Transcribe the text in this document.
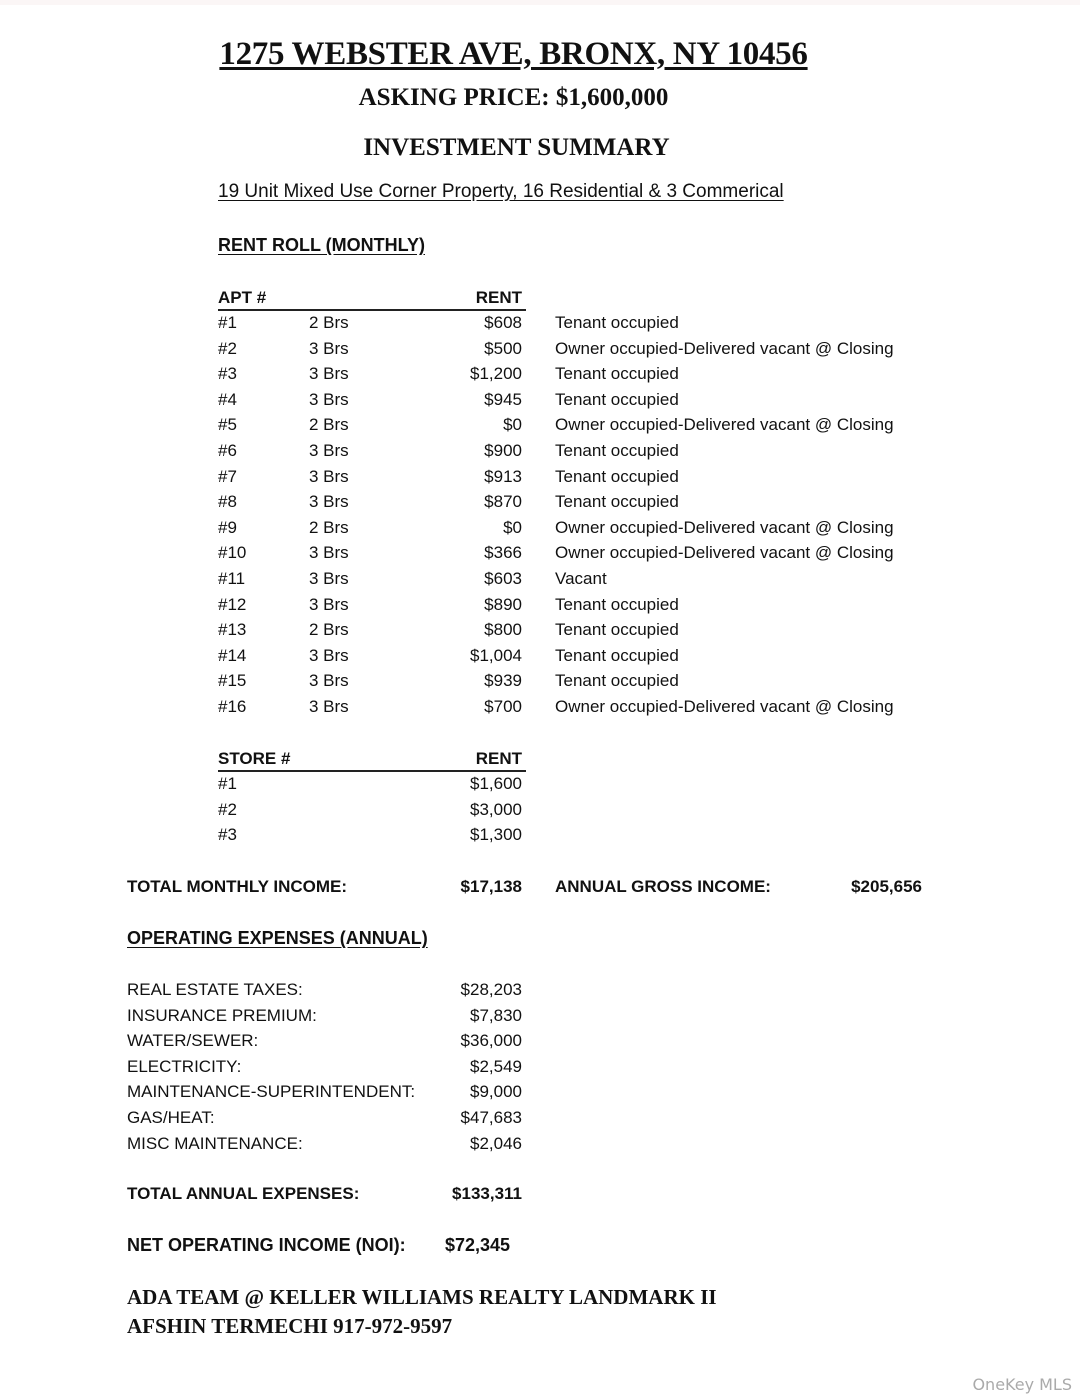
1275 WEBSTER AVE, BRONX, NY 10456
ASKING PRICE: $1,600,000
INVESTMENT SUMMARY
19 Unit Mixed Use Corner Property, 16 Residential & 3 Commerical
RENT ROLL (MONTHLY)
APT #	RENT
#1	2 Brs	$608 Tenant occupied
#2	3 Brs	$500 Owner occupied-Delivered vacant @ Closing
#3	3 Brs	$1,200 Tenant occupied
#4	3 Brs	$945 Tenant occupied
#5	2 Brs	$0 Owner occupied-Delivered vacant @ Closing
#6	3 Brs	$900 Tenant occupied
#7	3 Brs	$913 Tenant occupied
#8	3 Brs	$870 Tenant occupied
#9	2 Brs	$0 Owner occupied-Delivered vacant @ Closing
#10	3 Brs	$366 Owner occupied-Delivered vacant @ Closing
#11	3 Brs	$603 Vacant
#12	3 Brs	$890 Tenant occupied
#13	2 Brs	$800 Tenant occupied
#14	3 Brs	$1,004 Tenant occupied
#15	3 Brs	$939 Tenant occupied
#16	3 Brs	$700 Owner occupied-Delivered vacant @ Closing
STORE #	RENT
#1	$1,600
#2	$3,000
#3	$1,300
TOTAL MONTHLY INCOME:	$17,138 ANNUAL GROSS INCOME:	$205,656
OPERATING EXPENSES (ANNUAL)
REAL ESTATE TAXES:	$28,203
INSURANCE PREMIUM:	$7,830
WATER/SEWER:	$36,000
ELECTRICITY:	$2,549
MAINTENANCE-SUPERINTENDENT:	$9,000
GAS/HEAT:	$47,683
MISC MAINTENANCE:	$2,046
TOTAL ANNUAL EXPENSES:	$133,311
NET OPERATING INCOME (NOI): $72,345
ADA TEAM @ KELLER WILLIAMS REALTY LANDMARK II
AFSHIN TERMECHI 917-972-9597
OneKey MLS
